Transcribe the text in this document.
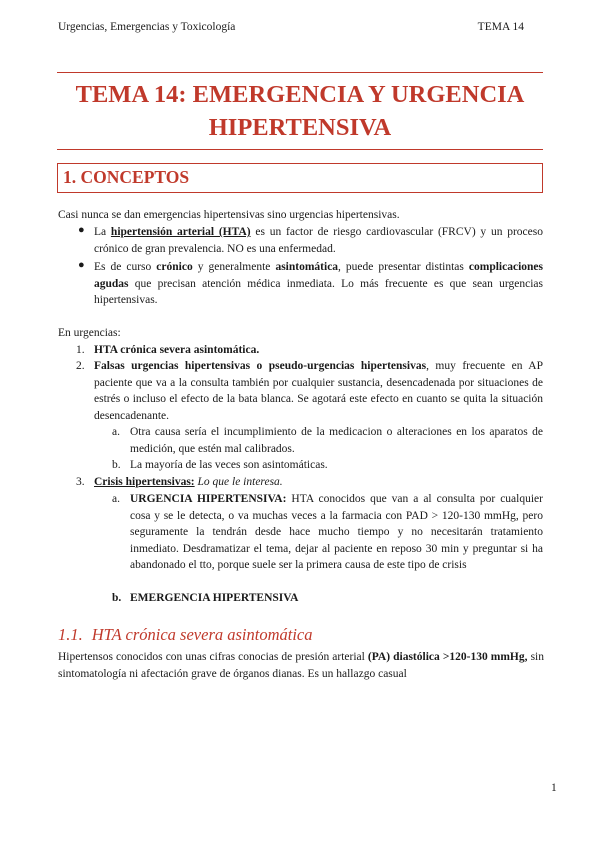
Urgencias, Emergencias y Toxicología	TEMA 14
TEMA 14: EMERGENCIA Y URGENCIA
HIPERTENSIVA
1. CONCEPTOS
Casi nunca se dan emergencias hipertensivas sino urgencias hipertensivas.
● La hipertensión arterial (HTA) es un factor de riesgo cardiovascular (FRCV) y un proceso crónico de gran prevalencia. NO es una enfermedad.
● Es de curso crónico y generalmente asintomática, puede presentar distintas complicaciones agudas que precisan atención médica inmediata. Lo más frecuente es que sean urgencias hipertensivas.
En urgencias:
1. HTA crónica severa asintomática.
2. Falsas urgencias hipertensivas o pseudo-urgencias hipertensivas, muy frecuente en AP paciente que va a la consulta también por cualquier sustancia, desencadenada por situaciones de estrés o incluso el efecto de la bata blanca. Se agotará este efecto en cuanto se quita la situación desencadenante.
a. Otra causa sería el incumplimiento de la medicacion o alteraciones en los aparatos de medición, que estén mal calibrados.
b. La mayoría de las veces son asintomáticas.
3. Crisis hipertensivas: Lo que le interesa.
a. URGENCIA HIPERTENSIVA: HTA conocidos que van a al consulta por cualquier cosa y se le detecta, o va muchas veces a la farmacia con PAD > 120-130 mmHg, pero seguramente la tendrán desde hace mucho tiempo y no necesitarán tratamiento inmediato. Desdramatizar el tema, dejar al paciente en reposo 30 min y preguntar si ha abandonado el tto, porque suele ser la primera causa de este tipo de crisis
b. EMERGENCIA HIPERTENSIVA
1.1. HTA crónica severa asintomática
Hipertensos conocidos con unas cifras conocias de presión arterial (PA) diastólica >120-130 mmHg, sin sintomatología ni afectación grave de órganos dianas. Es un hallazgo casual
1
